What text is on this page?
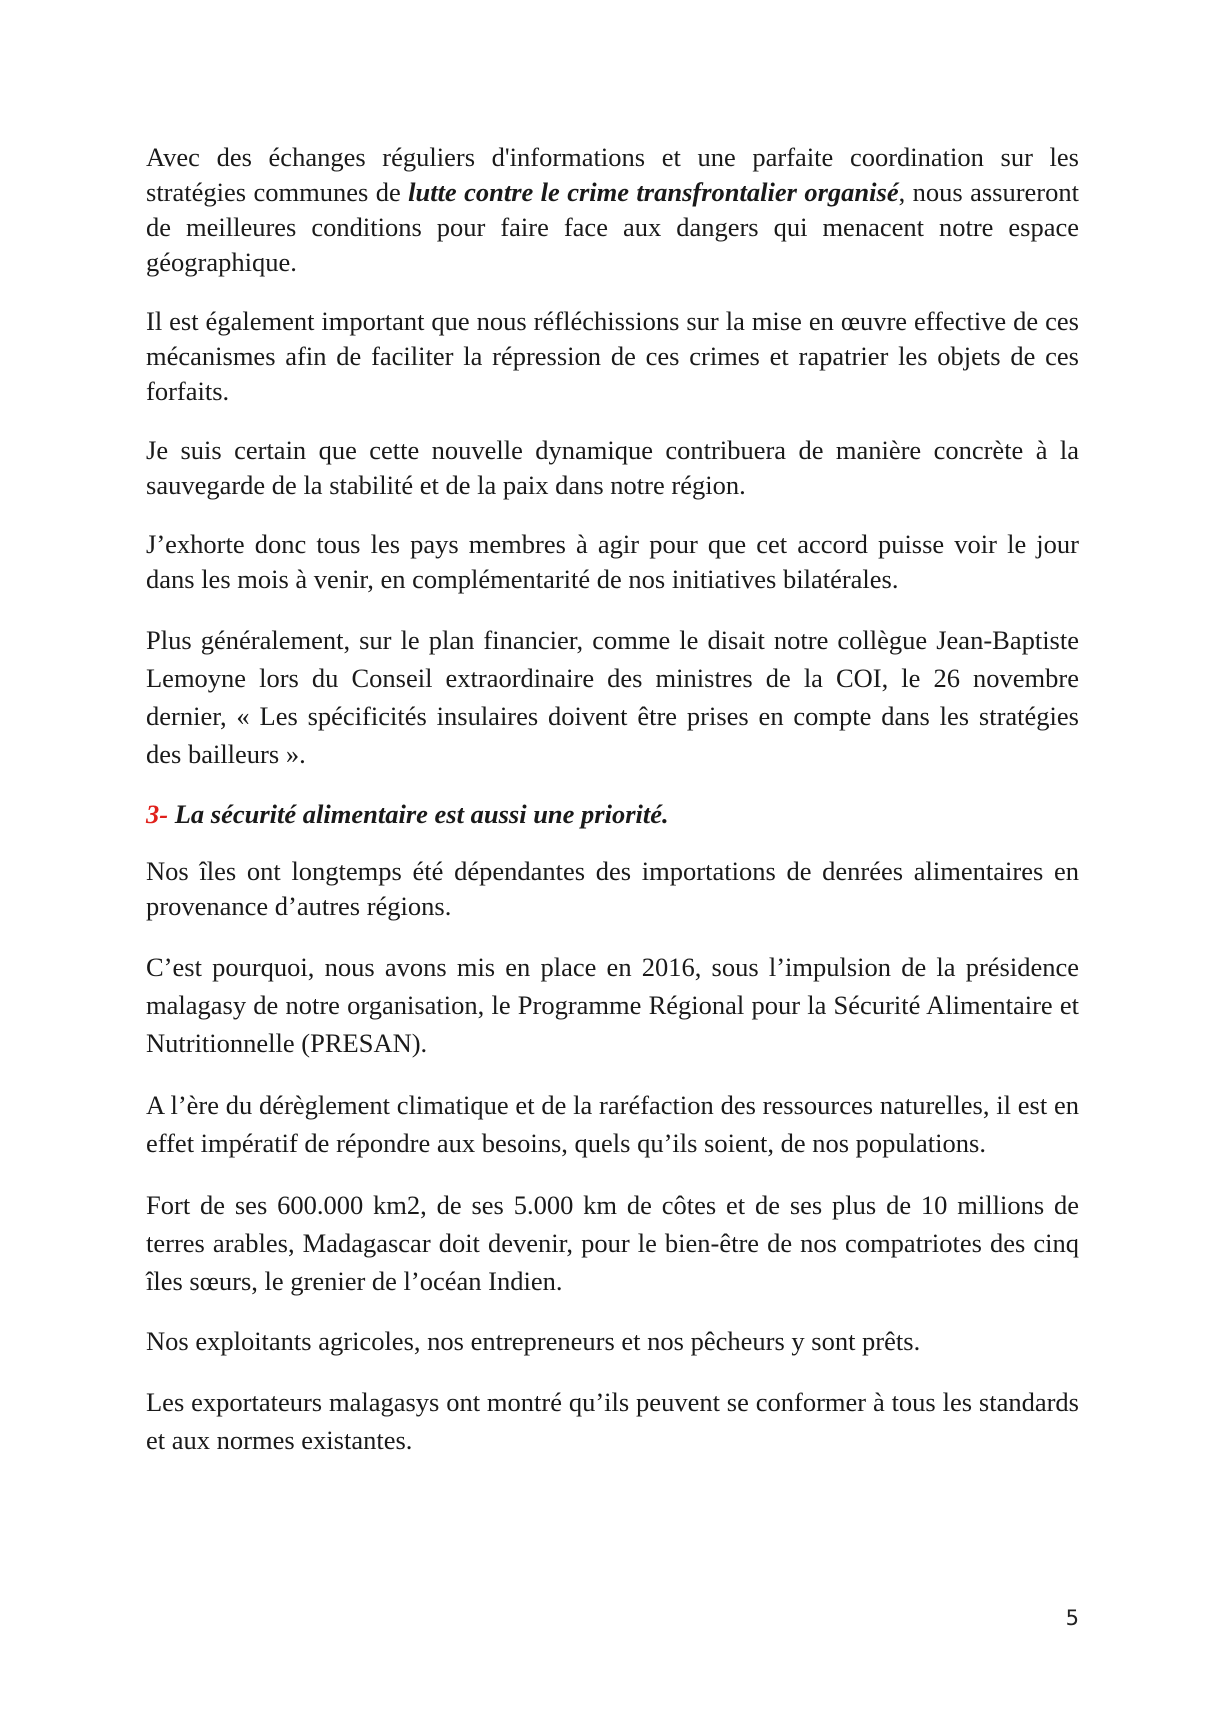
Avec des échanges réguliers d'informations et une parfaite coordination sur les stratégies communes de lutte contre le crime transfrontalier organisé, nous assureront de meilleures conditions pour faire face aux dangers qui menacent notre espace géographique.

Il est également important que nous réfléchissions sur la mise en œuvre effective de ces mécanismes afin de faciliter la répression de ces crimes et rapatrier les objets de ces forfaits.

Je suis certain que cette nouvelle dynamique contribuera de manière concrète à la sauvegarde de la stabilité et de la paix dans notre région.

J’exhorte donc tous les pays membres à agir pour que cet accord puisse voir le jour dans les mois à venir, en complémentarité de nos initiatives bilatérales.

Plus généralement, sur le plan financier, comme le disait notre collègue Jean-Baptiste Lemoyne lors du Conseil extraordinaire des ministres de la COI, le 26 novembre dernier, « Les spécificités insulaires doivent être prises en compte dans les stratégies des bailleurs ».

3- La sécurité alimentaire est aussi une priorité.

Nos îles ont longtemps été dépendantes des importations de denrées alimentaires en provenance d’autres régions.

C’est pourquoi, nous avons mis en place en 2016, sous l’impulsion de la présidence malagasy de notre organisation, le Programme Régional pour la Sécurité Alimentaire et Nutritionnelle (PRESAN).

A l’ère du dérèglement climatique et de la raréfaction des ressources naturelles, il est en effet impératif de répondre aux besoins, quels qu’ils soient, de nos populations.

Fort de ses 600.000 km2, de ses 5.000 km de côtes et de ses plus de 10 millions de terres arables, Madagascar doit devenir, pour le bien-être de nos compatriotes des cinq îles sœurs, le grenier de l’océan Indien.

Nos exploitants agricoles, nos entrepreneurs et nos pêcheurs y sont prêts.

Les exportateurs malagasys ont montré qu’ils peuvent se conformer à tous les standards et aux normes existantes.

5
